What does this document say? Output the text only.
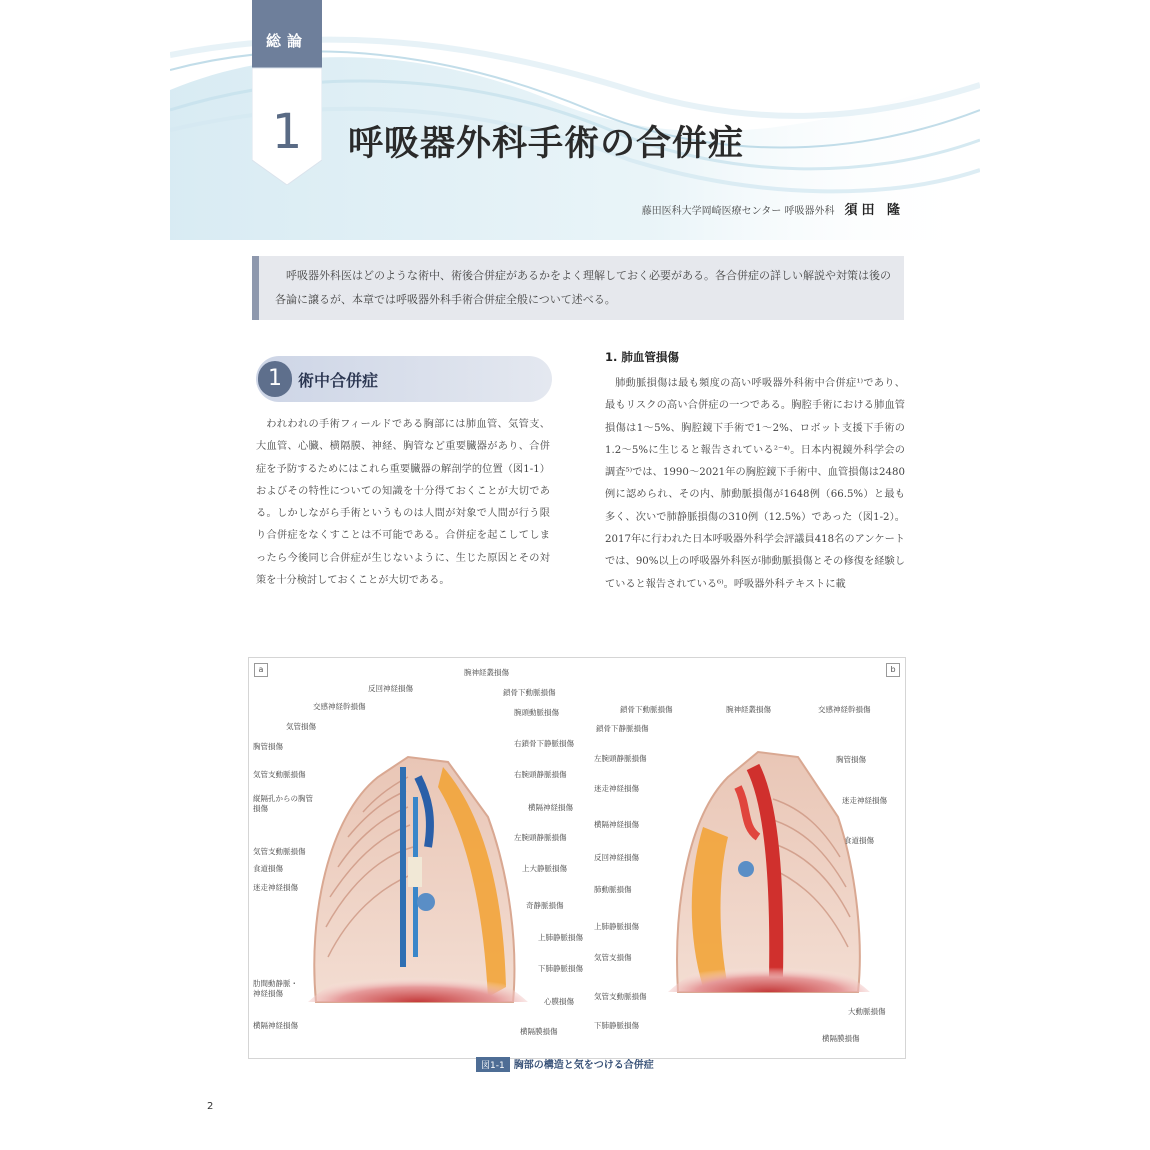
総論
1	呼吸器外科手術の合併症
藤田医科大学岡崎医療センター 呼吸器外科 須田 隆

呼吸器外科医はどのような術中、術後合併症があるかをよく理解しておく必要がある。各合併症の詳しい解説や対策は後の各論に譲るが、本章では呼吸器外科手術合併症全般について述べる。

1	術中合併症

われわれの手術フィールドである胸部には肺血管、気管支、大血管、心臓、横隔膜、神経、胸管など重要臓器があり、合併症を予防するためにはこれら重要臓器の解剖学的位置（図1-1）およびその特性についての知識を十分得ておくことが大切である。しかしながら手術というものは人間が対象で人間が行う限り合併症をなくすことは不可能である。合併症を起こしてしまったら今後同じ合併症が生じないように、生じた原因とその対策を十分検討しておくことが大切である。

1. 肺血管損傷

肺動脈損傷は最も頻度の高い呼吸器外科術中合併症¹⁾であり、最もリスクの高い合併症の一つである。胸腔手術における肺血管損傷は1〜5%、胸腔鏡下手術で1〜2%、ロボット支援下手術の1.2〜5%に生じると報告されている²⁻⁴⁾。日本内視鏡外科学会の調査⁵⁾では、1990〜2021年の胸腔鏡下手術中、血管損傷は2480例に認められ、その内、肺動脈損傷が1648例（66.5%）と最も多く、次いで肺静脈損傷の310例（12.5%）であった（図1-2）。2017年に行われた日本呼吸器外科学会評議員418名のアンケートでは、90%以上の呼吸器外科医が肺動脈損傷とその修復を経験していると報告されている⁶⁾。呼吸器外科テキストに載

a	b
反回神経損傷
交感神経幹損傷
気管損傷
胸管損傷
気管支動脈損傷
縦隔孔からの胸管損傷
気管支動脈損傷
食道損傷
迷走神経損傷
肋間動静脈・神経損傷
横隔神経損傷
腕神経叢損傷
鎖骨下動脈損傷
腕頭動脈損傷
右鎖骨下静脈損傷
右腕頭静脈損傷
横隔神経損傷
左腕頭静脈損傷
上大静脈損傷
奇静脈損傷
上肺静脈損傷
下肺静脈損傷
心膜損傷
横隔膜損傷
鎖骨下動脈損傷
鎖骨下静脈損傷
左腕頭静脈損傷
迷走神経損傷
横隔神経損傷
反回神経損傷
肺動脈損傷
上肺静脈損傷
気管支損傷
気管支動脈損傷
下肺静脈損傷
腕神経叢損傷	交感神経幹損傷
胸管損傷
迷走神経損傷
食道損傷
大動脈損傷
横隔膜損傷
図1-1 胸部の構造と気をつける合併症
2
